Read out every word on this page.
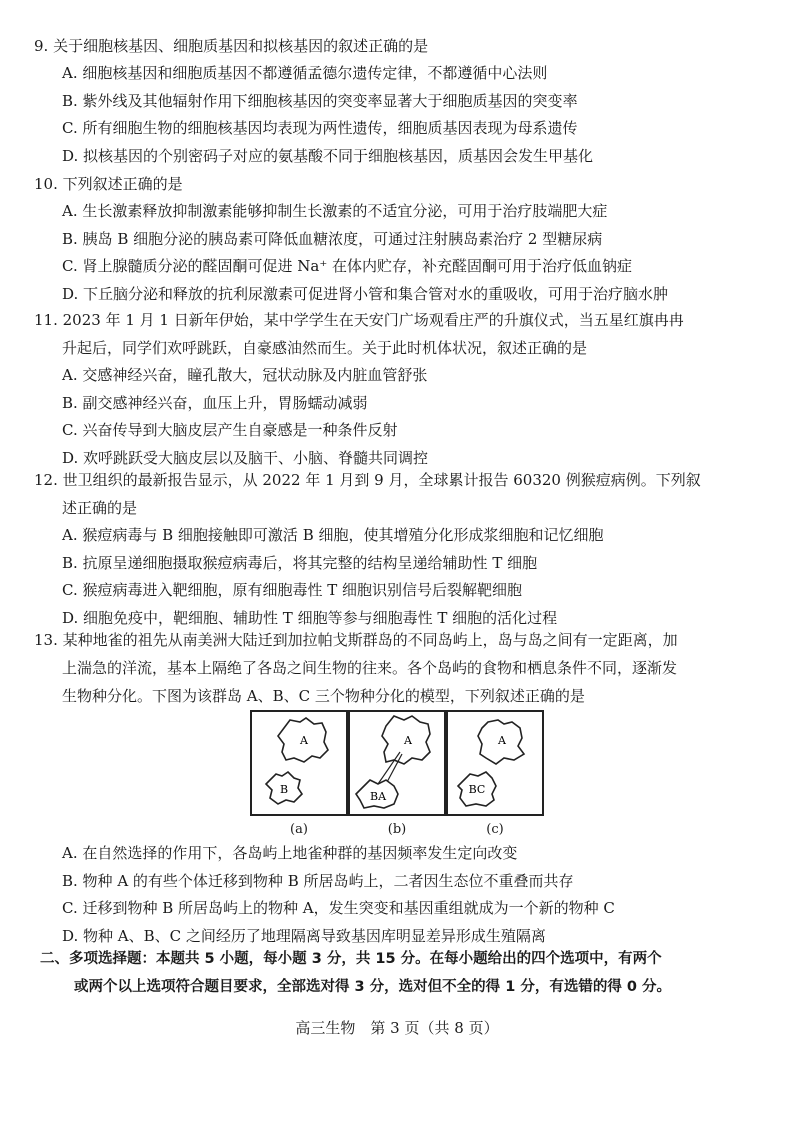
9. 关于细胞核基因、细胞质基因和拟核基因的叙述正确的是

A. 细胞核基因和细胞质基因不都遵循孟德尔遗传定律，不都遵循中心法则

B. 紫外线及其他辐射作用下细胞核基因的突变率显著大于细胞质基因的突变率

C. 所有细胞生物的细胞核基因均表现为两性遗传，细胞质基因表现为母系遗传

D. 拟核基因的个别密码子对应的氨基酸不同于细胞核基因，质基因会发生甲基化

10. 下列叙述正确的是

A. 生长激素释放抑制激素能够抑制生长激素的不适宜分泌，可用于治疗肢端肥大症

B. 胰岛 B 细胞分泌的胰岛素可降低血糖浓度，可通过注射胰岛素治疗 2 型糖尿病

C. 肾上腺髓质分泌的醛固酮可促进 Na⁺ 在体内贮存，补充醛固酮可用于治疗低血钠症

D. 下丘脑分泌和释放的抗利尿激素可促进肾小管和集合管对水的重吸收，可用于治疗脑水肿

11. 2023 年 1 月 1 日新年伊始，某中学学生在天安门广场观看庄严的升旗仪式，当五星红旗冉冉

升起后，同学们欢呼跳跃，自豪感油然而生。关于此时机体状况，叙述正确的是

A. 交感神经兴奋，瞳孔散大，冠状动脉及内脏血管舒张

B. 副交感神经兴奋，血压上升，胃肠蠕动减弱

C. 兴奋传导到大脑皮层产生自豪感是一种条件反射

D. 欢呼跳跃受大脑皮层以及脑干、小脑、脊髓共同调控

12. 世卫组织的最新报告显示，从 2022 年 1 月到 9 月，全球累计报告 60320 例猴痘病例。下列叙

述正确的是

A. 猴痘病毒与 B 细胞接触即可激活 B 细胞，使其增殖分化形成浆细胞和记忆细胞

B. 抗原呈递细胞摄取猴痘病毒后，将其完整的结构呈递给辅助性 T 细胞

C. 猴痘病毒进入靶细胞，原有细胞毒性 T 细胞识别信号后裂解靶细胞

D. 细胞免疫中，靶细胞、辅助性 T 细胞等参与细胞毒性 T 细胞的活化过程

13. 某种地雀的祖先从南美洲大陆迁到加拉帕戈斯群岛的不同岛屿上，岛与岛之间有一定距离，加

上湍急的洋流，基本上隔绝了各岛之间生物的往来。各个岛屿的食物和栖息条件不同，逐渐发

生物种分化。下图为该群岛 A、B、C 三个物种分化的模型，下列叙述正确的是

A
B
A
BA
A
BC
(a)	(b)	(c)

A. 在自然选择的作用下，各岛屿上地雀种群的基因频率发生定向改变

B. 物种 A 的有些个体迁移到物种 B 所居岛屿上，二者因生态位不重叠而共存

C. 迁移到物种 B 所居岛屿上的物种 A，发生突变和基因重组就成为一个新的物种 C

D. 物种 A、B、C 之间经历了地理隔离导致基因库明显差异形成生殖隔离

二、多项选择题：本题共 5 小题，每小题 3 分，共 15 分。在每小题给出的四个选项中，有两个

或两个以上选项符合题目要求，全部选对得 3 分，选对但不全的得 1 分，有选错的得 0 分。

高三生物　第 3 页（共 8 页）
